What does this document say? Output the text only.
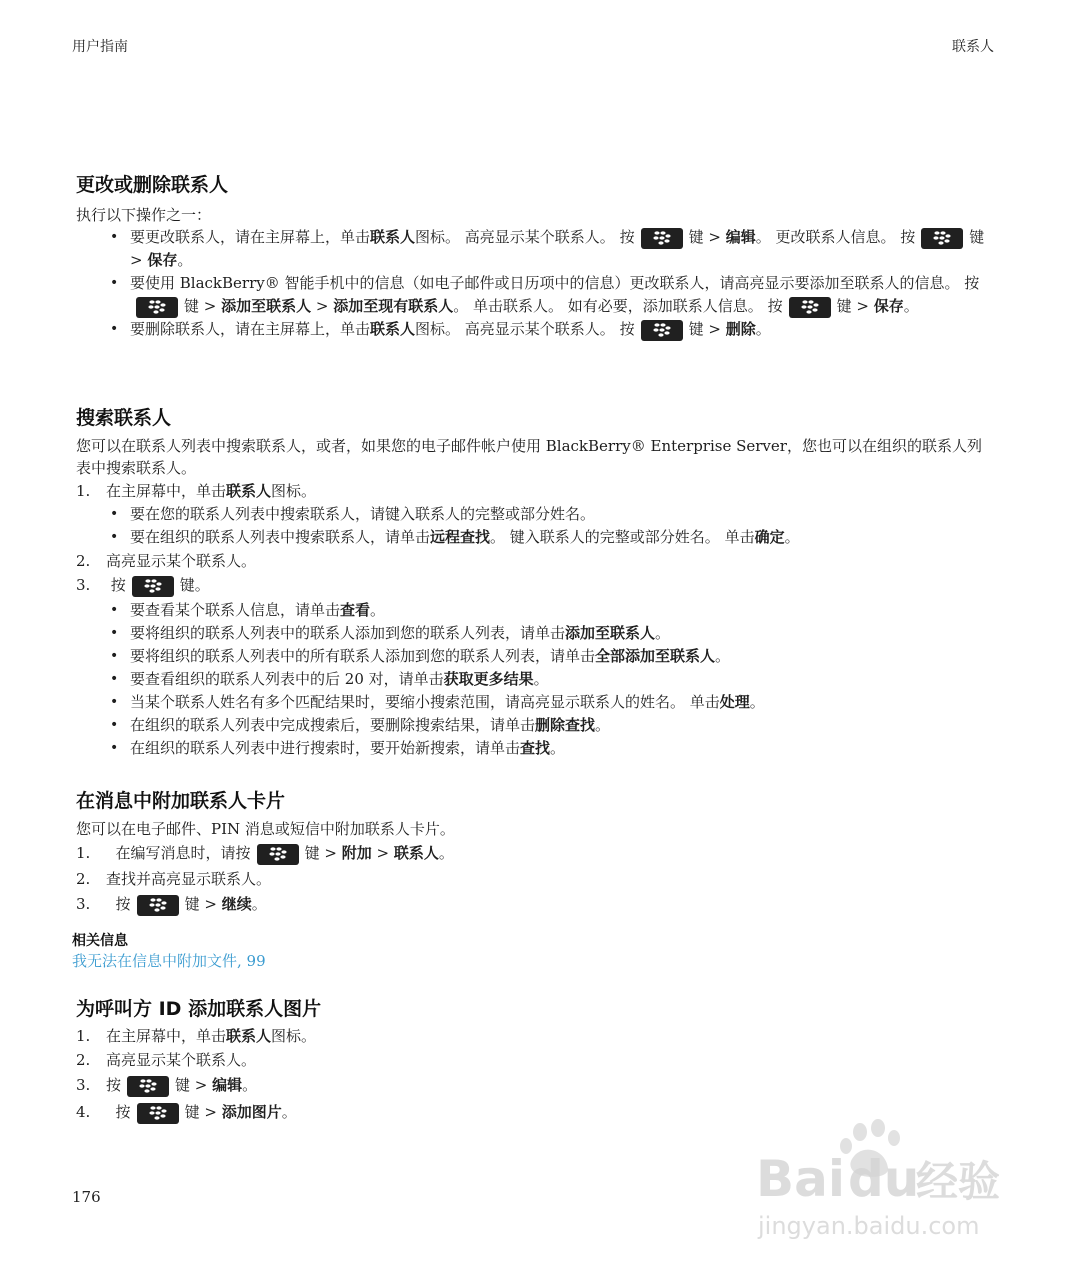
用户指南	联系人
更改或删除联系人

执行以下操作之一：

• 要更改联系人，请在主屏幕上，单击联系人图标。 高亮显示某个联系人。 按	键 > 编辑。 更改联系人信息。 按	键 > 保存。
• 要使用 BlackBerry® 智能手机中的信息（如电子邮件或日历项中的信息）更改联系人，请高亮显示要添加至联系人的信息。 按
键 > 添加至联系人 > 添加至现有联系人。 单击联系人。 如有必要，添加联系人信息。 按	键 > 保存。
• 要删除联系人，请在主屏幕上，单击联系人图标。 高亮显示某个联系人。 按	键 > 删除。
搜索联系人

您可以在联系人列表中搜索联系人，或者，如果您的电子邮件帐户使用 BlackBerry® Enterprise Server，您也可以在组织的联系人列表中搜索联系人。

1. 在主屏幕中，单击联系人图标。
• 要在您的联系人列表中搜索联系人，请键入联系人的完整或部分姓名。
• 要在组织的联系人列表中搜索联系人，请单击远程查找。 键入联系人的完整或部分姓名。 单击确定。
2. 高亮显示某个联系人。
3. 按	键。
• 要查看某个联系人信息，请单击查看。
• 要将组织的联系人列表中的联系人添加到您的联系人列表，请单击添加至联系人。
• 要将组织的联系人列表中的所有联系人添加到您的联系人列表，请单击全部添加至联系人。
• 要查看组织的联系人列表中的后 20 对，请单击获取更多结果。
• 当某个联系人姓名有多个匹配结果时，要缩小搜索范围，请高亮显示联系人的姓名。 单击处理。
• 在组织的联系人列表中完成搜索后，要删除搜索结果，请单击删除查找。
• 在组织的联系人列表中进行搜索时，要开始新搜索，请单击查找。
在消息中附加联系人卡片

您可以在电子邮件、PIN 消息或短信中附加联系人卡片。

1. 在编写消息时，请按	键 > 附加 > 联系人。
2. 查找并高亮显示联系人。
3. 按	键 > 继续。
相关信息
我无法在信息中附加文件, 99
为呼叫方 ID 添加联系人图片
1. 在主屏幕中，单击联系人图标。
2. 高亮显示某个联系人。
3. 按	键 > 编辑。
4. 按	键 > 添加图片。
176	Bai du
经验
jingyan.baidu.com
